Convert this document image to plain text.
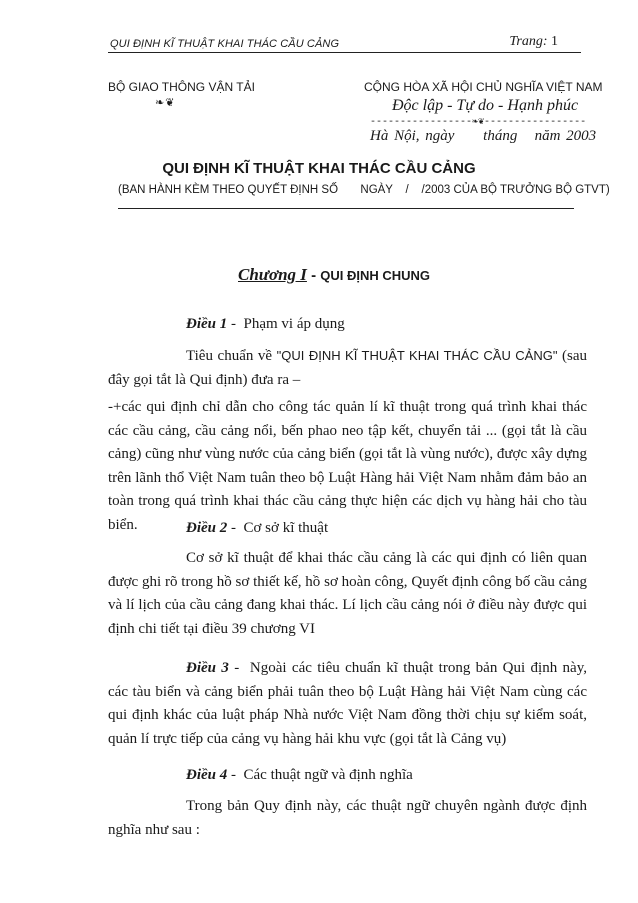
QUI ĐỊNH KĨ THUẬT KHAI THÁC CẦU CẢNG	Trang: 1
BỘ GIAO THÔNG VẬN TẢI
❧❦
CỘNG HÒA XÃ HỘI CHỦ NGHĨA VIỆT NAM
Độc lập - Tự do - Hạnh phúc
-----------------❧❦-----------------
Hà Nội, ngày     tháng   năm 2003
QUI ĐỊNH KĨ THUẬT KHAI THÁC CẦU CẢNG
(BAN HÀNH KÈM THEO QUYẾT ĐỊNH SỐ       NGÀY    /    /2003 CỦA BỘ TRƯỞNG BỘ GTVT)
Chương I - QUI ĐỊNH CHUNG
Điều 1 -  Phạm vi áp dụng
Tiêu chuẩn về "QUI ĐỊNH KĨ THUẬT KHAI THÁC CẦU CẢNG" (sau đây gọi tắt là Qui định) đưa ra –
-+các qui định chỉ dẫn cho công tác quản lí kĩ thuật trong quá trình khai thác các cầu cảng, cầu cảng nổi, bến phao neo tập kết, chuyển tải ... (gọi tắt là cầu cảng) cũng như vùng nước của cảng biển (gọi tắt là vùng nước), được xây dựng trên lãnh thổ Việt Nam tuân theo bộ Luật Hàng hải Việt Nam nhằm đảm bảo an toàn trong quá trình khai thác cầu cảng thực hiện các dịch vụ hàng hải cho tàu biển.	Điều 2 -  Cơ sở kĩ thuật
Cơ sở kĩ thuật để khai thác cầu cảng là các qui định có liên quan được ghi rõ trong hồ sơ thiết kế, hồ sơ hoàn công, Quyết định công bố cầu cảng và lí lịch của cầu cảng đang khai thác. Lí lịch cầu cảng nói ở điều này được qui định chi tiết tại điều 39 chương VI
Điều 3 -  Ngoài các tiêu chuẩn kĩ thuật trong bản Qui định này, các tàu biển và cảng biển phải tuân theo bộ Luật Hàng hải Việt Nam cùng các qui định khác của luật pháp Nhà nước Việt Nam đồng thời chịu sự kiểm soát, quản lí trực tiếp của cảng vụ hàng hải khu vực (gọi tắt là Cảng vụ)
Điều 4 -  Các thuật ngữ và định nghĩa
Trong bản Quy định này, các thuật ngữ chuyên ngành được định nghĩa như sau :
